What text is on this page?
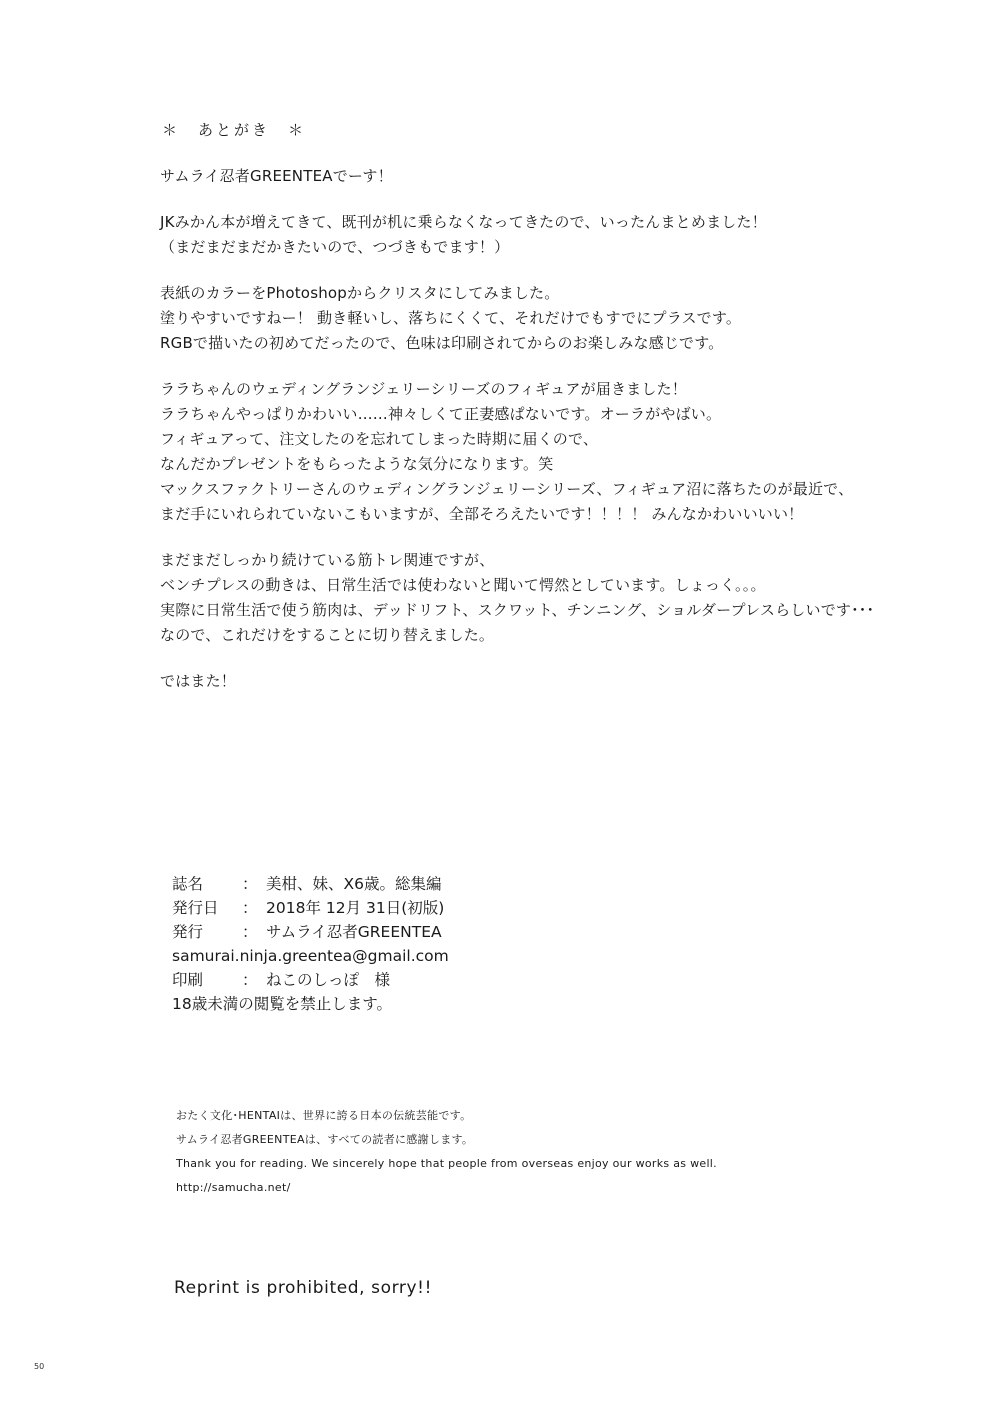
＊　あとがき　＊
サムライ忍者GREENTEAでーす！
JKみかん本が増えてきて、既刊が机に乗らなくなってきたので、いったんまとめました！
（まだまだまだかきたいので、つづきもでます！）
表紙のカラーをPhotoshopからクリスタにしてみました。
塗りやすいですねー！ 動き軽いし、落ちにくくて、それだけでもすでにプラスです。
RGBで描いたの初めてだったので、色味は印刷されてからのお楽しみな感じです。
ララちゃんのウェディングランジェリーシリーズのフィギュアが届きました！
ララちゃんやっぱりかわいい……神々しくて正妻感ぱないです。オーラがやばい。
フィギュアって、注文したのを忘れてしまった時期に届くので、
なんだかプレゼントをもらったような気分になります。笑
マックスファクトリーさんのウェディングランジェリーシリーズ、フィギュア沼に落ちたのが最近で、
まだ手にいれられていないこもいますが、全部そろえたいです！！！！ みんなかわいいいい！
まだまだしっかり続けている筋トレ関連ですが、
ベンチプレスの動きは、日常生活では使わないと聞いて愕然としています。しょっく。。。
実際に日常生活で使う筋肉は、デッドリフト、スクワット、チンニング、ショルダープレスらしいです･･･
なので、これだけをすることに切り替えました。
ではまた！
誌名	： 美柑、妹、X6歳。総集編
発行日	： 2018年 12月 31日(初版)
発行	： サムライ忍者GREENTEA
samurai.ninja.greentea@gmail.com
印刷	： ねこのしっぽ　様
18歳未満の閲覧を禁止します。
おたく文化･HENTAIは、世界に誇る日本の伝統芸能です。
サムライ忍者GREENTEAは、すべての読者に感謝します。
Thank you for reading. We sincerely hope that people from overseas enjoy our works as well.
http://samucha.net/
Reprint is prohibited, sorry!!
50
